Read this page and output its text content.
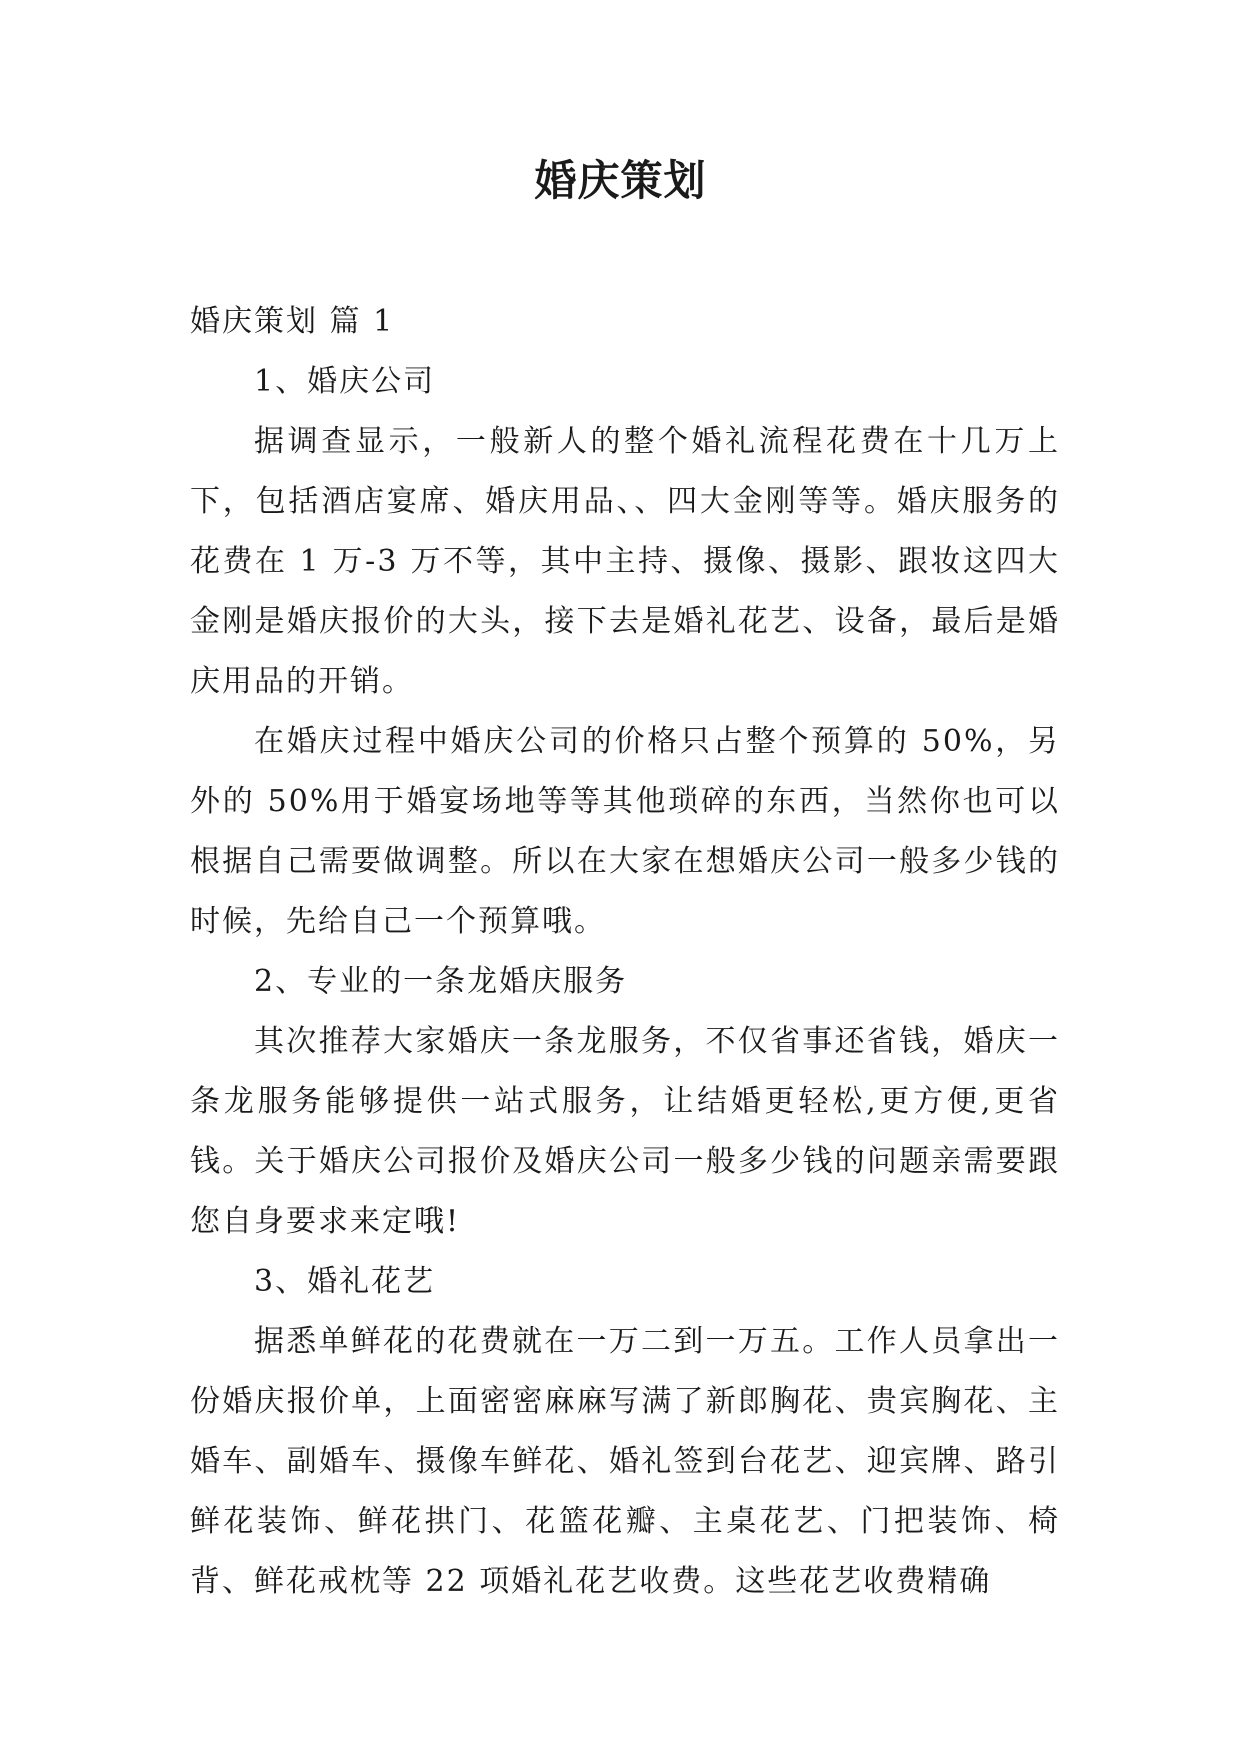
婚庆策划

婚庆策划 篇 1

1、婚庆公司

据调查显示，一般新人的整个婚礼流程花费在十几万上下，包括酒店宴席、婚庆用品、、四大金刚等等。婚庆服务的花费在 1 万-3 万不等，其中主持、摄像、摄影、跟妆这四大金刚是婚庆报价的大头，接下去是婚礼花艺、设备，最后是婚庆用品的开销。

在婚庆过程中婚庆公司的价格只占整个预算的 50%，另外的 50%用于婚宴场地等等其他琐碎的东西，当然你也可以根据自己需要做调整。所以在大家在想婚庆公司一般多少钱的时候，先给自己一个预算哦。

2、专业的一条龙婚庆服务

其次推荐大家婚庆一条龙服务，不仅省事还省钱，婚庆一条龙服务能够提供一站式服务，让结婚更轻松,更方便,更省钱。关于婚庆公司报价及婚庆公司一般多少钱的问题亲需要跟您自身要求来定哦!

3、婚礼花艺

据悉单鲜花的花费就在一万二到一万五。工作人员拿出一份婚庆报价单，上面密密麻麻写满了新郎胸花、贵宾胸花、主婚车、副婚车、摄像车鲜花、婚礼签到台花艺、迎宾牌、路引鲜花装饰、鲜花拱门、花篮花瓣、主桌花艺、门把装饰、椅背、鲜花戒枕等 22 项婚礼花艺收费。这些花艺收费精确
